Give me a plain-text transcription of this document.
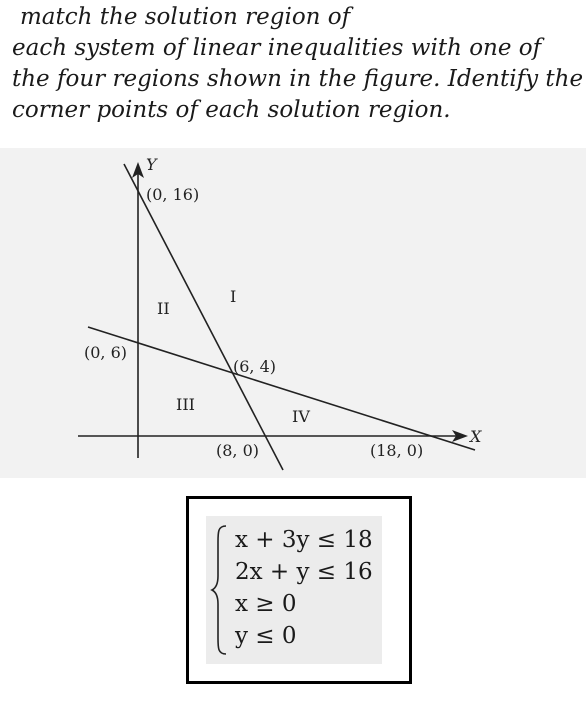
match the solution region of
each system of linear inequalities with one of
the four regions shown in the figure. Identify the
corner points of each solution region.
Y
X
(0, 16)
(0, 6)
(6, 4)
(8, 0)	(18, 0)
I
II
III
IV
x + 3y ≤ 18
2x + y ≤ 16
x ≥ 0
y ≤ 0
